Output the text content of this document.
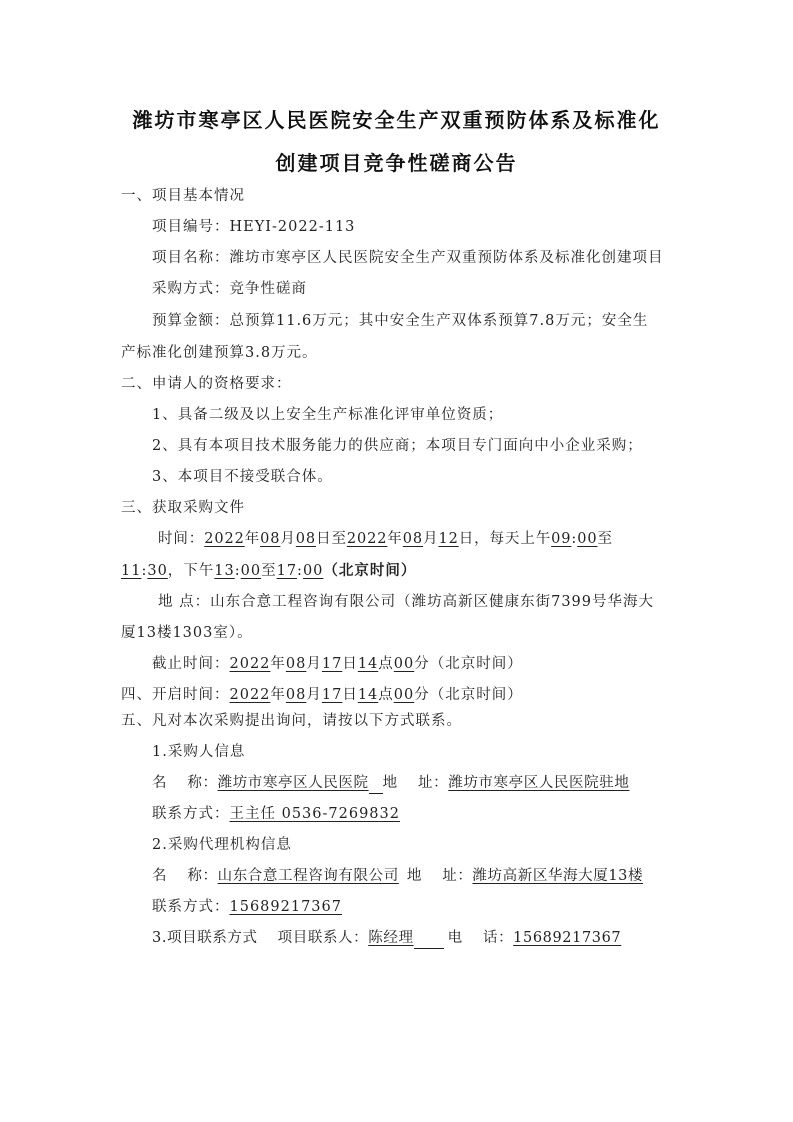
潍坊市寒亭区人民医院安全生产双重预防体系及标准化
创建项目竞争性磋商公告
一、项目基本情况
项目编号：HEYI-2022-113
项目名称：潍坊市寒亭区人民医院安全生产双重预防体系及标准化创建项目
采购方式：竞争性磋商
预算金额：总预算11.6万元；其中安全生产双体系预算7.8万元；安全生
产标准化创建预算3.8万元。
二、申请人的资格要求：
1、具备二级及以上安全生产标准化评审单位资质；
2、具有本项目技术服务能力的供应商；本项目专门面向中小企业采购；
3、本项目不接受联合体。
三、获取采购文件
时间：2022年08月08日至2022年08月12日，每天上午09:00至
11:30，下午13:00至17:00（北京时间）
地 点：山东合意工程咨询有限公司（潍坊高新区健康东街7399号华海大
厦13楼1303室）。
截止时间：2022年08月17日14点00分（北京时间）
四、开启时间：2022年08月17日14点00分（北京时间）
五、凡对本次采购提出询问，请按以下方式联系。
1.采购人信息
名　 称：潍坊市寒亭区人民医院 地　 址：潍坊市寒亭区人民医院驻地
联系方式：王主任 0536-7269832
2.采购代理机构信息
名　 称：山东合意工程咨询有限公司 地　 址：潍坊高新区华海大厦13楼
联系方式：15689217367
3.项目联系方式 项目联系人：陈经理 电　 话：15689217367
